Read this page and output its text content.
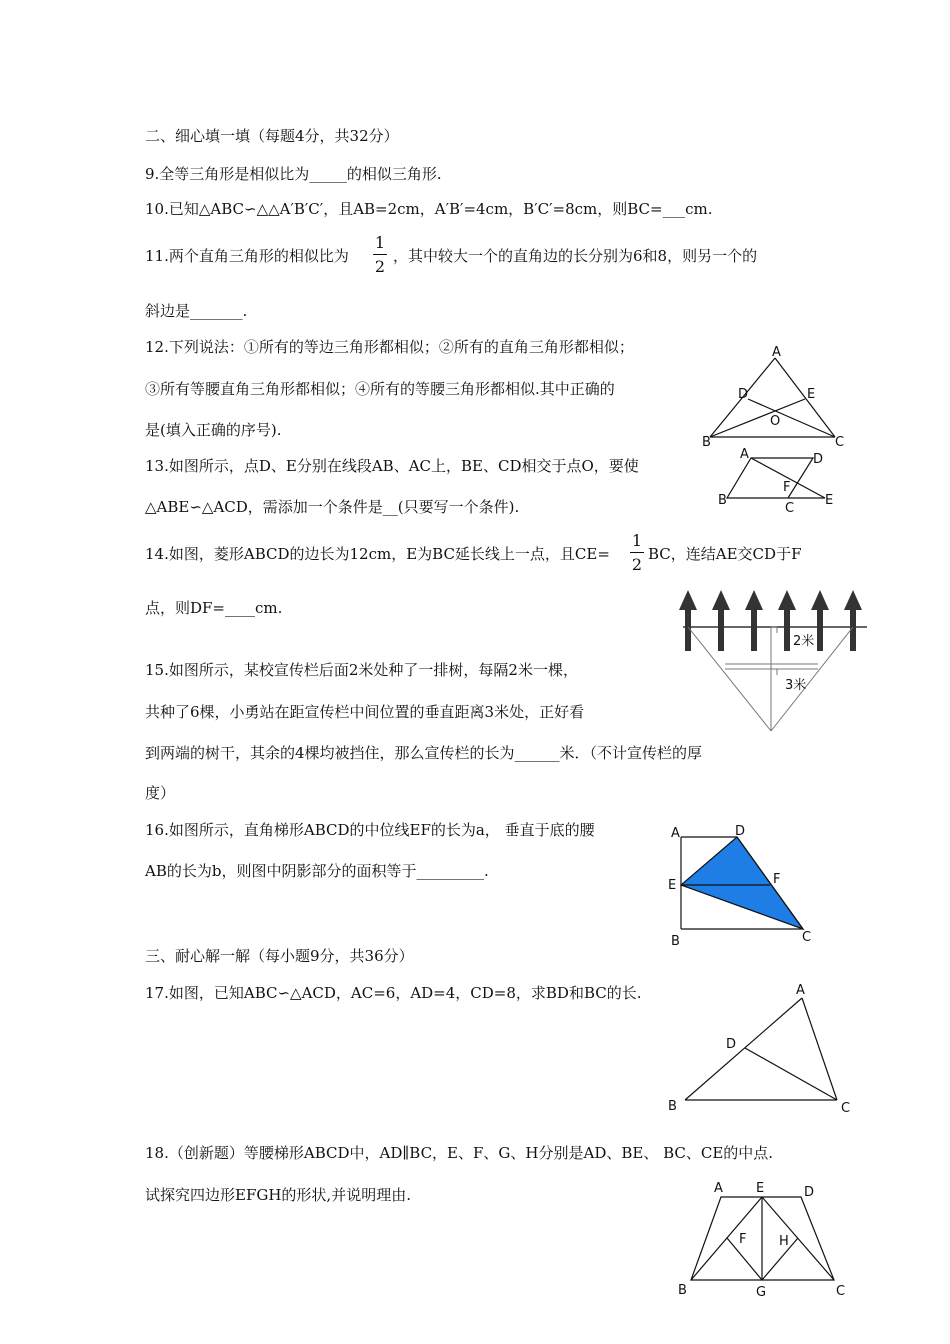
二、细心填一填（每题4分，共32分）
9.全等三角形是相似比为_____的相似三角形.
10.已知△ABC∽△△A′B′C′，且AB=2cm，A′B′=4cm，B′C′=8cm，则BC=___cm.
11.两个直角三角形的相似比为
1
2
，其中较大一个的直角边的长分别为6和8，则另一个的
斜边是_______.
12.下列说法：①所有的等边三角形都相似；②所有的直角三角形都相似；
③所有等腰直角三角形都相似；④所有的等腰三角形都相似.其中正确的
是(填入正确的序号).
13.如图所示，点D、E分别在线段AB、AC上，BE、CD相交于点O，要使
△ABE∽△ACD，需添加一个条件是__(只要写一个条件).
14.如图，菱形ABCD的边长为12cm，E为BC延长线上一点，且CE=
1
2
BC，连结AE交CD于F
点，则DF=____cm.
15.如图所示，某校宣传栏后面2米处种了一排树，每隔2米一棵，
共种了6棵，小勇站在距宣传栏中间位置的垂直距离3米处，正好看
到两端的树干，其余的4棵均被挡住，那么宣传栏的长为______米．（不计宣传栏的厚
度）
16.如图所示，直角梯形ABCD的中位线EF的长为a， 垂直于底的腰
AB的长为b，则图中阴影部分的面积等于_________.
三、耐心解一解（每小题9分，共36分）
17.如图，已知ABC∽△ACD，AC=6，AD=4，CD=8，求BD和BC的长.
18.（创新题）等腰梯形ABCD中，AD∥BC，E、F、G、H分别是AD、BE、 BC、CE的中点.
试探究四边形EFGH的形状,并说明理由.
A
D	E
O
B	C
A	D
F
B
C
E
2米
3米
A	D
E	F
B	C
A
D
B	C
A	E	D
F	H
B	G	C
